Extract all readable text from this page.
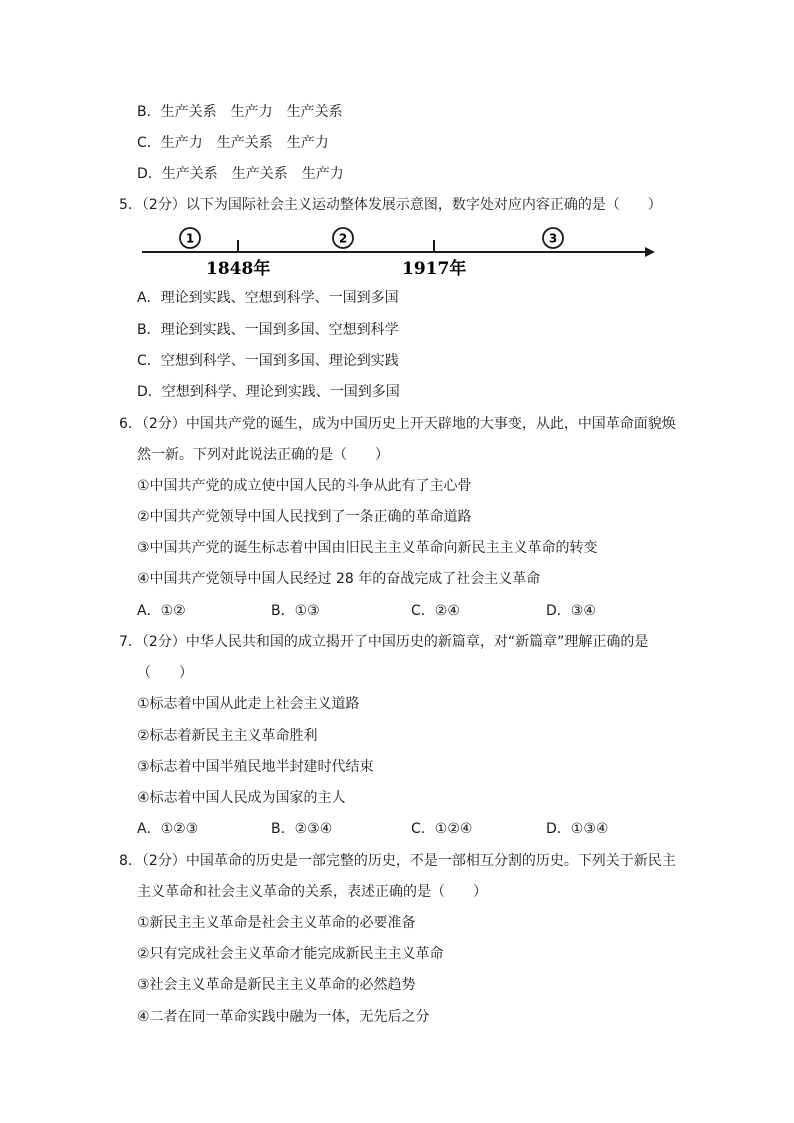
B．生产关系　生产力　生产关系
C．生产力　生产关系　生产力
D．生产关系　生产关系　生产力
5．（2分）以下为国际社会主义运动整体发展示意图，数字处对应内容正确的是（　　）
1	2	3
1848年	1917年
A．理论到实践、空想到科学、一国到多国
B．理论到实践、一国到多国、空想到科学
C．空想到科学、一国到多国、理论到实践
D．空想到科学、理论到实践、一国到多国
6．（2分）中国共产党的诞生，成为中国历史上开天辟地的大事变，从此，中国革命面貌焕
然一新。下列对此说法正确的是（　　）
①中国共产党的成立使中国人民的斗争从此有了主心骨
②中国共产党领导中国人民找到了一条正确的革命道路
③中国共产党的诞生标志着中国由旧民主主义革命向新民主主义革命的转变
④中国共产党领导中国人民经过 28 年的奋战完成了社会主义革命
A．①②	B．①③	C．②④	D．③④
7．（2分）中华人民共和国的成立揭开了中国历史的新篇章，对“新篇章”理解正确的是
（　　）
①标志着中国从此走上社会主义道路
②标志着新民主主义革命胜利
③标志着中国半殖民地半封建时代结束
④标志着中国人民成为国家的主人
A．①②③	B．②③④	C．①②④	D．①③④
8．（2分）中国革命的历史是一部完整的历史，不是一部相互分割的历史。下列关于新民主
主义革命和社会主义革命的关系，表述正确的是（　　）
①新民主主义革命是社会主义革命的必要准备
②只有完成社会主义革命才能完成新民主主义革命
③社会主义革命是新民主主义革命的必然趋势
④二者在同一革命实践中融为一体，无先后之分
